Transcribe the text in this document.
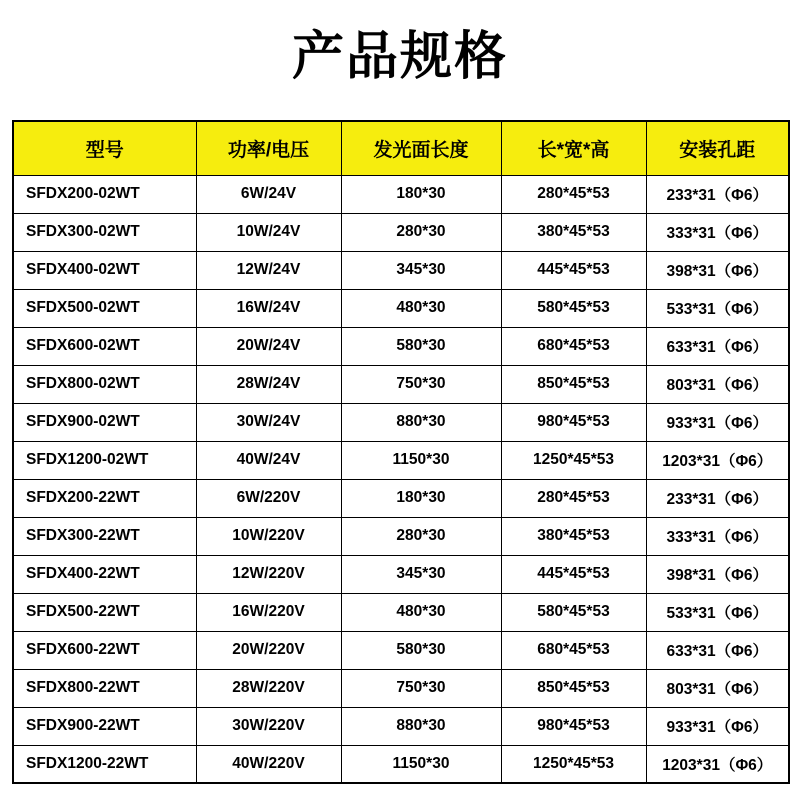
产品规格
型号	功率/电压	发光面长度	长*宽*高	安装孔距
SFDX200-02WT	6W/24V	180*30	280*45*53	233*31（Φ6）
SFDX300-02WT	10W/24V	280*30	380*45*53	333*31（Φ6）
SFDX400-02WT	12W/24V	345*30	445*45*53	398*31（Φ6）
SFDX500-02WT	16W/24V	480*30	580*45*53	533*31（Φ6）
SFDX600-02WT	20W/24V	580*30	680*45*53	633*31（Φ6）
SFDX800-02WT	28W/24V	750*30	850*45*53	803*31（Φ6）
SFDX900-02WT	30W/24V	880*30	980*45*53	933*31（Φ6）
SFDX1200-02WT	40W/24V	1150*30	1250*45*53	1203*31（Φ6）
SFDX200-22WT	6W/220V	180*30	280*45*53	233*31（Φ6）
SFDX300-22WT	10W/220V	280*30	380*45*53	333*31（Φ6）
SFDX400-22WT	12W/220V	345*30	445*45*53	398*31（Φ6）
SFDX500-22WT	16W/220V	480*30	580*45*53	533*31（Φ6）
SFDX600-22WT	20W/220V	580*30	680*45*53	633*31（Φ6）
SFDX800-22WT	28W/220V	750*30	850*45*53	803*31（Φ6）
SFDX900-22WT	30W/220V	880*30	980*45*53	933*31（Φ6）
SFDX1200-22WT	40W/220V	1150*30	1250*45*53	1203*31（Φ6）
